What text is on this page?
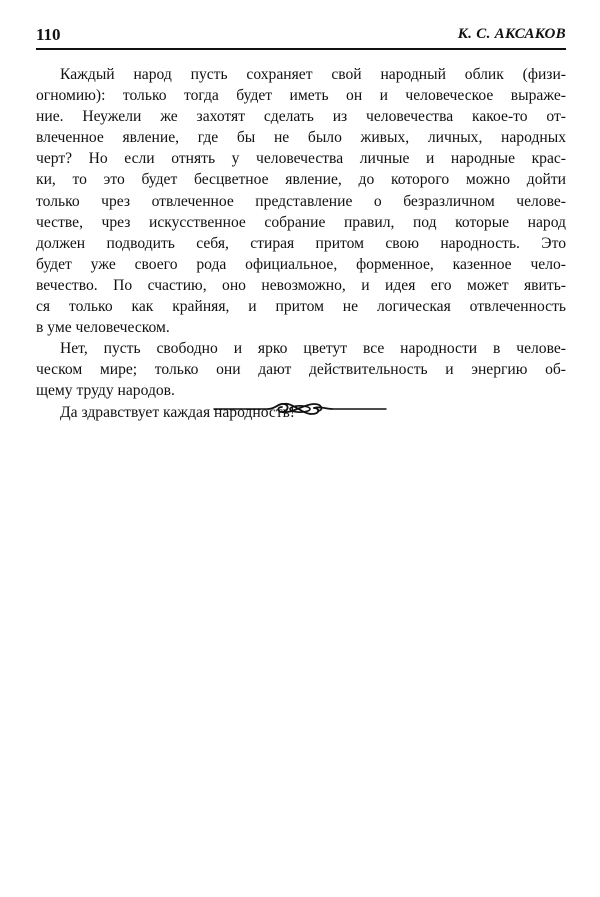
110	К. С. АКСАКОВ
Каждый народ пусть сохраняет свой народный облик (физи-
огномию): только тогда будет иметь он и человеческое выраже-
ние. Неужели же захотят сделать из человечества какое-то от-
влеченное явление, где бы не было живых, личных, народных
черт? Но если отнять у человечества личные и народные крас-
ки, то это будет бесцветное явление, до которого можно дойти
только чрез отвлеченное представление о безразличном челове-
честве, чрез искусственное собрание правил, под которые народ
должен подводить себя, стирая притом свою народность. Это
будет уже своего рода официальное, форменное, казенное чело-
вечество. По счастию, оно невозможно, и идея его может явить-
ся только как крайняя, и притом не логическая отвлеченность
в уме человеческом.
Нет, пусть свободно и ярко цветут все народности в челове-
ческом мире; только они дают действительность и энергию об-
щему труду народов.
Да здравствует каждая народность!
